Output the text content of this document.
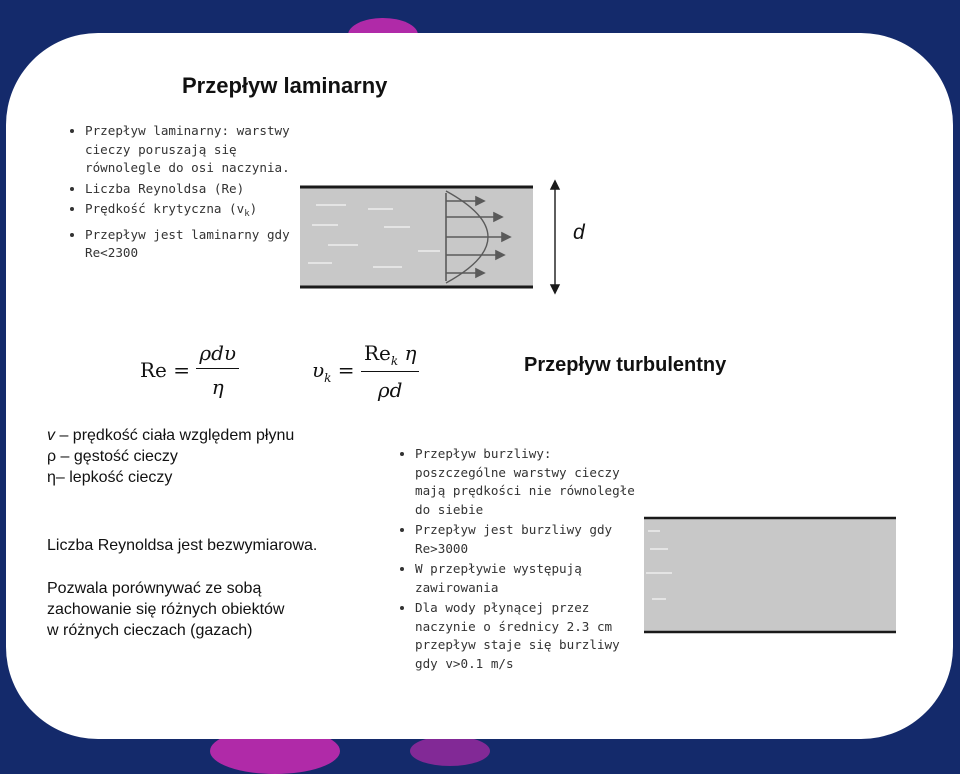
Przepływ laminarny
• Przepływ laminarny: warstwy cieczy poruszają się równolegle do osi naczynia.
• Liczba Reynoldsa (Re)
• Prędkość krytyczna $(v_k)$
• Przepływ jest laminarny gdy Re<2300
d
$Re = \frac{\text{ρdυ}}{\eta}$	$\upsilon_k = \frac{Re_k \eta}{\rho d}$	Przepływ turbulentny
v – prędkość ciała względem płynu
ρ – gęstość cieczy
η– lepkość cieczy
Liczba Reynoldsa jest bezwymiarowa.
Pozwala porównywać ze sobą
zachowanie się różnych obiektów
w różnych cieczach (gazach)
• Przepływ burzliwy: poszczególne warstwy cieczy mają prędkości nie równoległe do siebie
• Przepływ jest burzliwy gdy Re>3000
• W przepływie występują zawirowania
• Dla wody płynącej przez naczynie o średnicy 2.3 cm przepływ staje się burzliwy gdy v>0.1 m/s
